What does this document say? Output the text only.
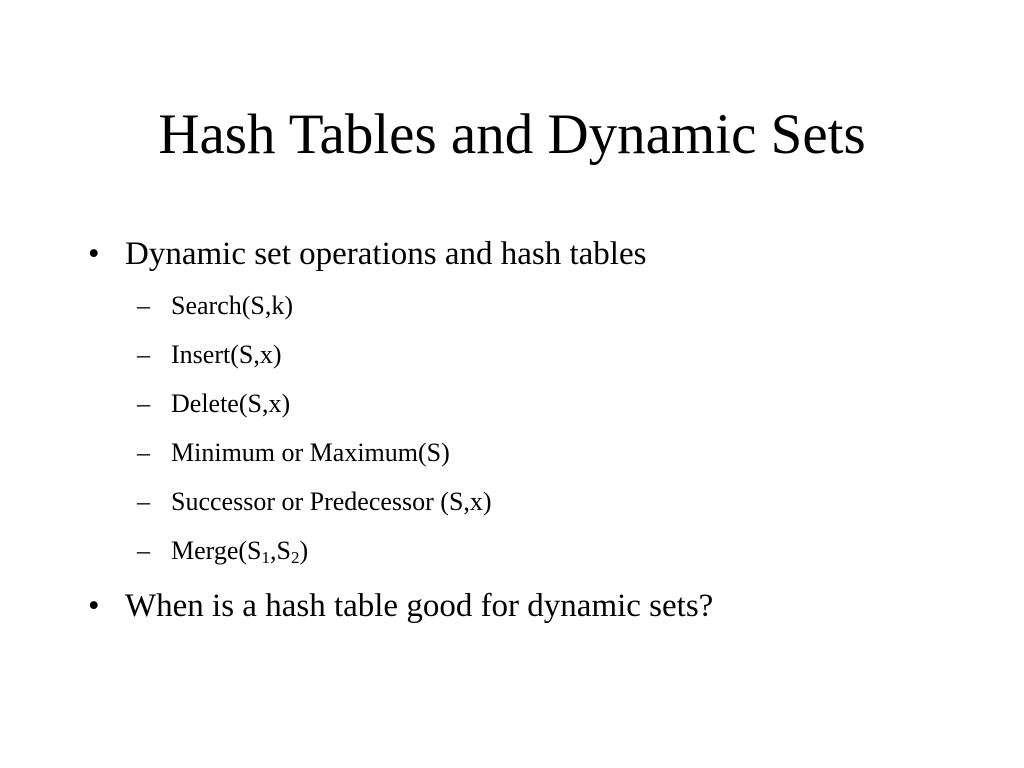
Hash Tables and Dynamic Sets
• Dynamic set operations and hash tables
– Search(S,k)
– Insert(S,x)
– Delete(S,x)
– Minimum or Maximum(S)
– Successor or Predecessor (S,x)
– $Merge(S_1,S_2)$
• When is a hash table good for dynamic sets?
